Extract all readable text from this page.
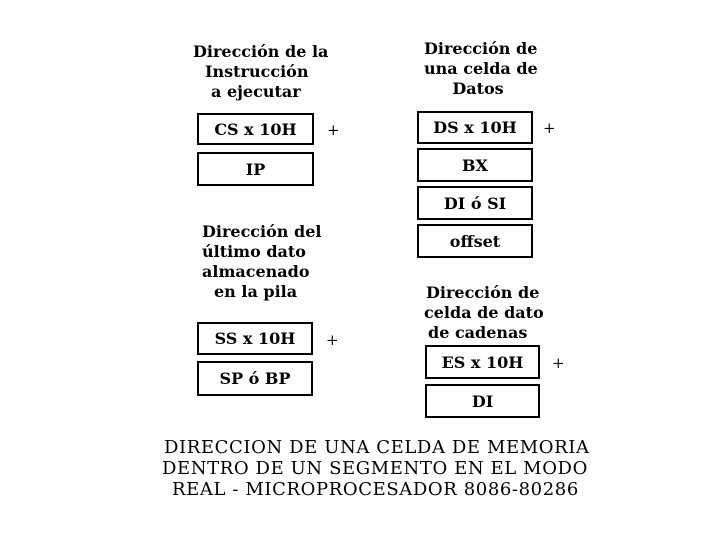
Dirección de la
Instrucción
a ejecutar
CS x 10H	+
IP
Dirección de
una celda de
Datos
DS x 10H	+
BX
DI ó SI
offset
Dirección del
último dato
almacenado
en la pila
SS x 10H	+
SP ó BP
Dirección de
celda de dato
de cadenas
ES x 10H	+
DI
DIRECCION DE UNA CELDA DE MEMORIA
DENTRO DE UN SEGMENTO EN EL MODO
REAL - MICROPROCESADOR 8086-80286
